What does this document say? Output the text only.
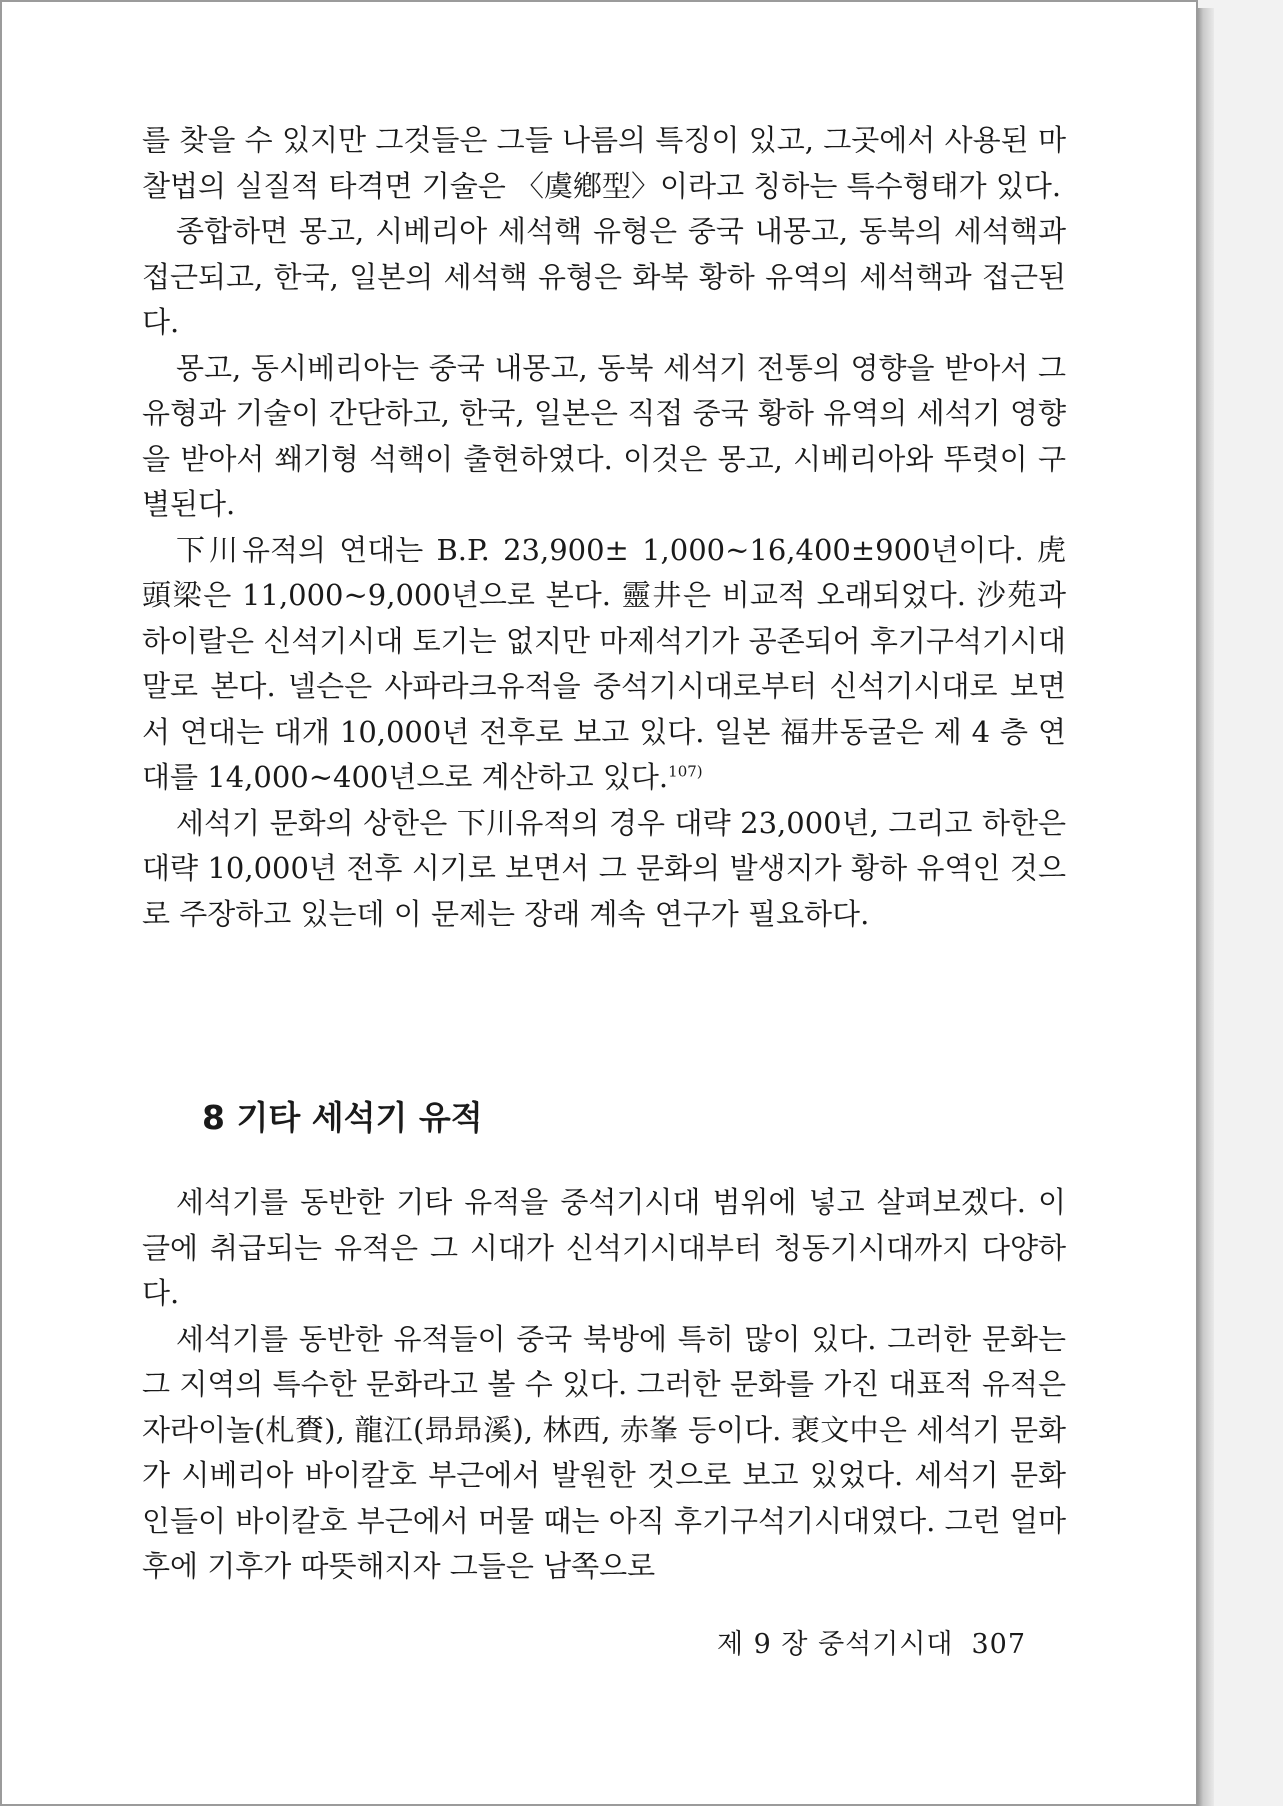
를 찾을 수 있지만 그것들은 그들 나름의 특징이 있고, 그곳에서 사용된 마찰법의 실질적 타격면 기술은 〈虞鄕型〉이라고 칭하는 특수형태가 있다.

종합하면 몽고, 시베리아 세석핵 유형은 중국 내몽고, 동북의 세석핵과 접근되고, 한국, 일본의 세석핵 유형은 화북 황하 유역의 세석핵과 접근된다.

몽고, 동시베리아는 중국 내몽고, 동북 세석기 전통의 영향을 받아서 그 유형과 기술이 간단하고, 한국, 일본은 직접 중국 황하 유역의 세석기 영향을 받아서 쐐기형 석핵이 출현하였다. 이것은 몽고, 시베리아와 뚜렷이 구별된다.

下川유적의 연대는 B.P. 23,900± 1,000~16,400±900년이다. 虎頭梁은 11,000~9,000년으로 본다. 靈井은 비교적 오래되었다. 沙苑과 하이랄은 신석기시대 토기는 없지만 마제석기가 공존되어 후기구석기시대말로 본다. 넬슨은 사파라크유적을 중석기시대로부터 신석기시대로 보면서 연대는 대개 10,000년 전후로 보고 있다. 일본 福井동굴은 제 4 층 연대를 14,000~400년으로 계산하고 있다.$^{107)}$

세석기 문화의 상한은 下川유적의 경우 대략 23,000년, 그리고 하한은 대략 10,000년 전후 시기로 보면서 그 문화의 발생지가 황하 유역인 것으로 주장하고 있는데 이 문제는 장래 계속 연구가 필요하다.

8 기타 세석기 유적

세석기를 동반한 기타 유적을 중석기시대 범위에 넣고 살펴보겠다. 이 글에 취급되는 유적은 그 시대가 신석기시대부터 청동기시대까지 다양하다.

세석기를 동반한 유적들이 중국 북방에 특히 많이 있다. 그러한 문화는 그 지역의 특수한 문화라고 볼 수 있다. 그러한 문화를 가진 대표적 유적은 자라이놀(札賚), 龍江(昻昻溪), 林西, 赤峯 등이다. 裵文中은 세석기 문화가 시베리아 바이칼호 부근에서 발원한 것으로 보고 있었다. 세석기 문화인들이 바이칼호 부근에서 머물 때는 아직 후기구석기시대였다. 그런 얼마 후에 기후가 따뜻해지자 그들은 남쪽으로

제 9 장 중석기시대 307
